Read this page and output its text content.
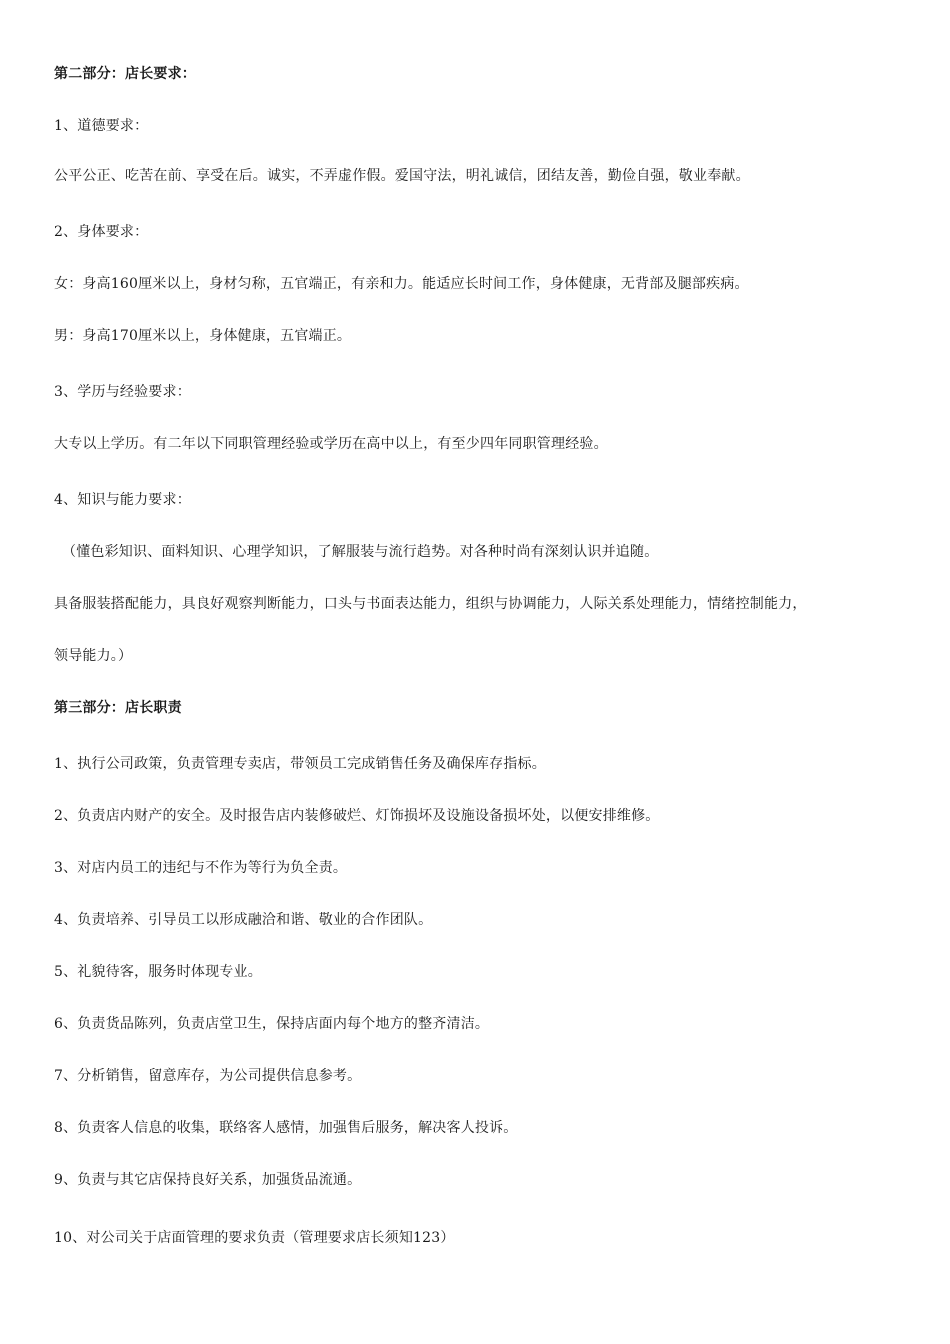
第二部分：店长要求：
1、道德要求：
公平公正、吃苦在前、享受在后。诚实，不弄虚作假。爱国守法，明礼诚信，团结友善，勤俭自强，敬业奉献。
2、身体要求：
女：身高160厘米以上，身材匀称，五官端正，有亲和力。能适应长时间工作，身体健康，无背部及腿部疾病。
男：身高170厘米以上，身体健康，五官端正。
3、学历与经验要求：
大专以上学历。有二年以下同职管理经验或学历在高中以上，有至少四年同职管理经验。
4、知识与能力要求：
（懂色彩知识、面料知识、心理学知识，了解服装与流行趋势。对各种时尚有深刻认识并追随。
具备服装搭配能力，具良好观察判断能力，口头与书面表达能力，组织与协调能力，人际关系处理能力，情绪控制能力，
领导能力。）
第三部分：店长职责
1、执行公司政策，负责管理专卖店，带领员工完成销售任务及确保库存指标。
2、负责店内财产的安全。及时报告店内装修破烂、灯饰损坏及设施设备损坏处，以便安排维修。
3、对店内员工的违纪与不作为等行为负全责。
4、负责培养、引导员工以形成融洽和谐、敬业的合作团队。
5、礼貌待客，服务时体现专业。
6、负责货品陈列，负责店堂卫生，保持店面内每个地方的整齐清洁。
7、分析销售，留意库存，为公司提供信息参考。
8、负责客人信息的收集，联络客人感情，加强售后服务，解决客人投诉。
9、负责与其它店保持良好关系，加强货品流通。
10、对公司关于店面管理的要求负责（管理要求店长须知123）
